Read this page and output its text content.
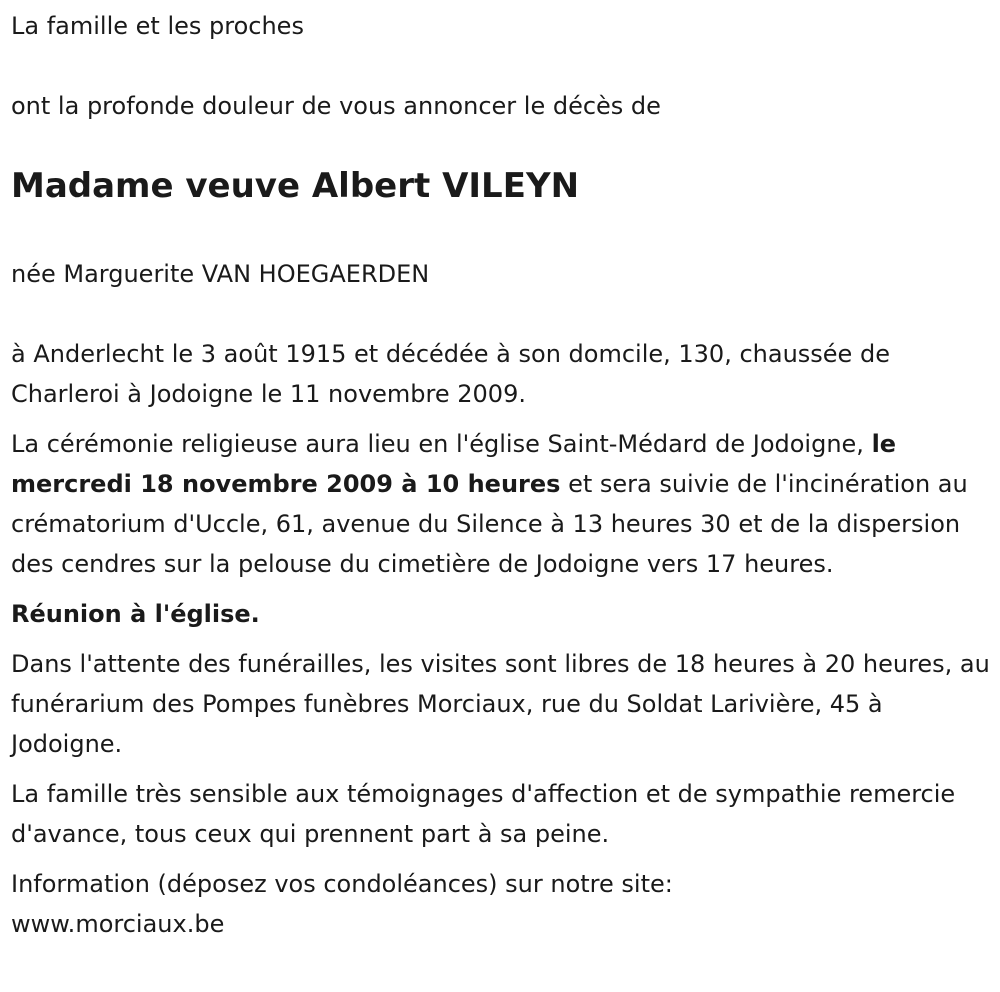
La famille et les proches

ont la profonde douleur de vous annoncer le décès de

Madame veuve Albert VILEYN

née Marguerite VAN HOEGAERDEN

à Anderlecht le 3 août 1915 et décédée à son domcile, 130, chaussée de Charleroi à Jodoigne le 11 novembre 2009.

La cérémonie religieuse aura lieu en l'église Saint-Médard de Jodoigne, le mercredi 18 novembre 2009 à 10 heures et sera suivie de l'incinération au crématorium d'Uccle, 61, avenue du Silence à 13 heures 30 et de la dispersion des cendres sur la pelouse du cimetière de Jodoigne vers 17 heures.

Réunion à l'église.

Dans l'attente des funérailles, les visites sont libres de 18 heures à 20 heures, au funérarium des Pompes funèbres Morciaux, rue du Soldat Larivière, 45 à Jodoigne.

La famille très sensible aux témoignages d'affection et de sympathie remercie d'avance, tous ceux qui prennent part à sa peine.

Information (déposez vos condoléances) sur notre site:
www.morciaux.be
